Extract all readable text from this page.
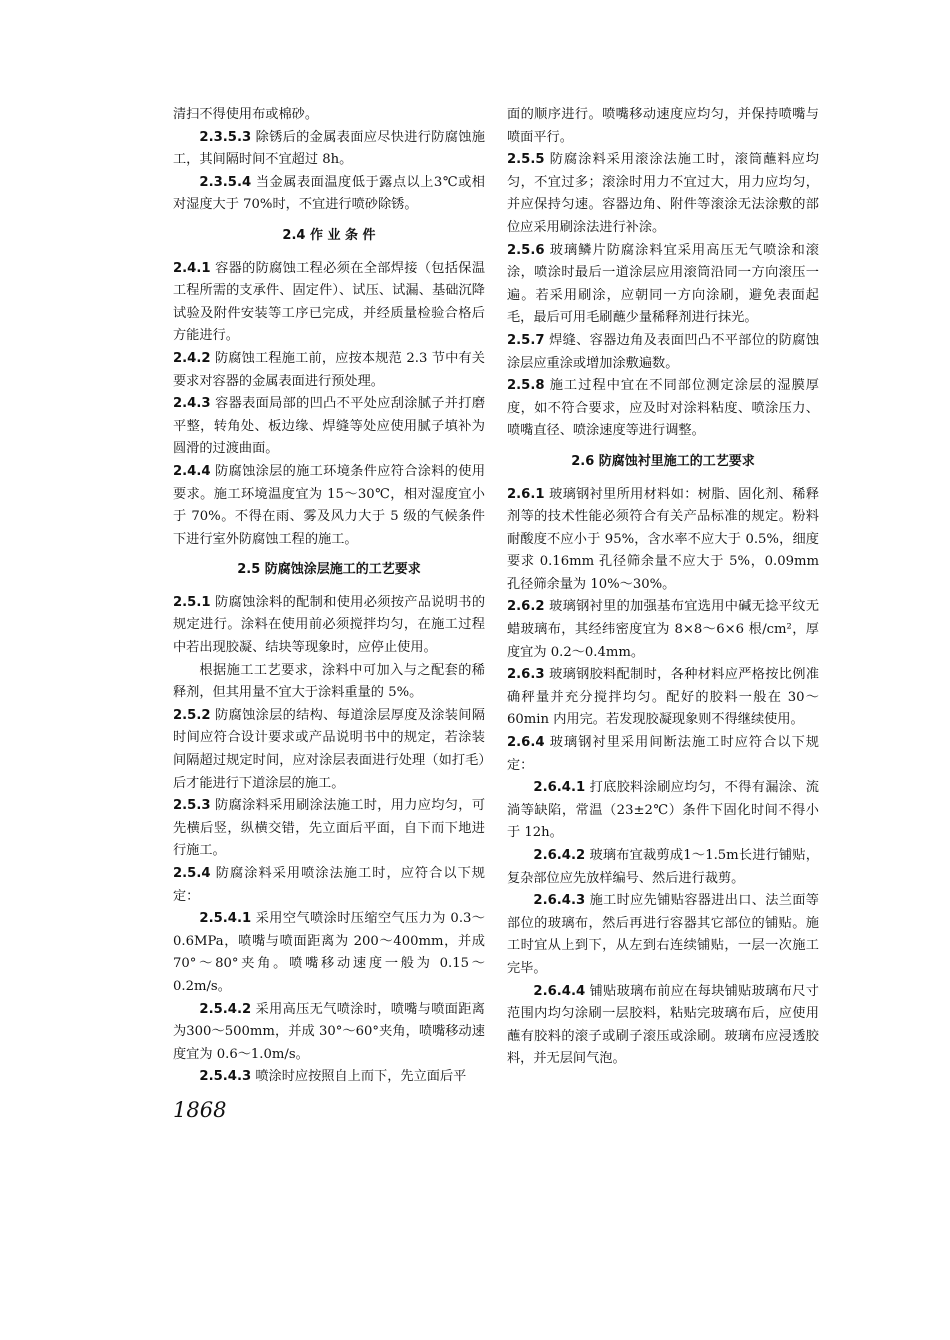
清扫不得使用布或棉砂。

2.3.5.3 除锈后的金属表面应尽快进行防腐蚀施工，其间隔时间不宜超过 8h。

2.3.5.4 当金属表面温度低于露点以上3℃或相对湿度大于 70%时，不宜进行喷砂除锈。

2.4 作 业 条 件

2.4.1 容器的防腐蚀工程必须在全部焊接（包括保温工程所需的支承件、固定件）、试压、试漏、基础沉降试验及附件安装等工序已完成，并经质量检验合格后方能进行。

2.4.2 防腐蚀工程施工前，应按本规范 2.3 节中有关要求对容器的金属表面进行预处理。

2.4.3 容器表面局部的凹凸不平处应刮涂腻子并打磨平整，转角处、板边缘、焊缝等处应使用腻子填补为圆滑的过渡曲面。

2.4.4 防腐蚀涂层的施工环境条件应符合涂料的使用要求。施工环境温度宜为 15～30℃，相对湿度宜小于 70%。不得在雨、雾及风力大于 5 级的气候条件下进行室外防腐蚀工程的施工。

2.5 防腐蚀涂层施工的工艺要求

2.5.1 防腐蚀涂料的配制和使用必须按产品说明书的规定进行。涂料在使用前必须搅拌均匀，在施工过程中若出现胶凝、结块等现象时，应停止使用。

根据施工工艺要求，涂料中可加入与之配套的稀释剂，但其用量不宜大于涂料重量的 5%。

2.5.2 防腐蚀涂层的结构、每道涂层厚度及涂装间隔时间应符合设计要求或产品说明书中的规定，若涂装间隔超过规定时间，应对涂层表面进行处理（如打毛）后才能进行下道涂层的施工。

2.5.3 防腐涂料采用刷涂法施工时，用力应均匀，可先横后竖，纵横交错，先立面后平面，自下而下地进行施工。

2.5.4 防腐涂料采用喷涂法施工时，应符合以下规定：

2.5.4.1 采用空气喷涂时压缩空气压力为 0.3～0.6MPa，喷嘴与喷面距离为 200～400mm，并成 70°～80°夹角。喷嘴移动速度一般为 0.15～0.2m/s。

2.5.4.2 采用高压无气喷涂时，喷嘴与喷面距离为300～500mm，并成 30°～60°夹角，喷嘴移动速度宜为 0.6～1.0m/s。

2.5.4.3 喷涂时应按照自上而下，先立面后平

面的顺序进行。喷嘴移动速度应均匀，并保持喷嘴与喷面平行。

2.5.5 防腐涂料采用滚涂法施工时，滚筒蘸料应均匀，不宜过多；滚涂时用力不宜过大，用力应均匀，并应保持匀速。容器边角、附件等滚涂无法涂敷的部位应采用刷涂法进行补涂。

2.5.6 玻璃鳞片防腐涂料宜采用高压无气喷涂和滚涂，喷涂时最后一道涂层应用滚筒沿同一方向滚压一遍。若采用刷涂，应朝同一方向涂刷，避免表面起毛，最后可用毛刷蘸少量稀释剂进行抹光。

2.5.7 焊缝、容器边角及表面凹凸不平部位的防腐蚀涂层应重涂或增加涂敷遍数。

2.5.8 施工过程中宜在不同部位测定涂层的湿膜厚度，如不符合要求，应及时对涂料粘度、喷涂压力、喷嘴直径、喷涂速度等进行调整。

2.6 防腐蚀衬里施工的工艺要求

2.6.1 玻璃钢衬里所用材料如：树脂、固化剂、稀释剂等的技术性能必须符合有关产品标准的规定。粉料耐酸度不应小于 95%，含水率不应大于 0.5%，细度要求 0.16mm 孔径筛余量不应大于 5%，0.09mm 孔径筛余量为 10%～30%。

2.6.2 玻璃钢衬里的加强基布宜选用中碱无捻平纹无蜡玻璃布，其经纬密度宜为 8×8～6×6 根/cm²，厚度宜为 0.2～0.4mm。

2.6.3 玻璃钢胶料配制时，各种材料应严格按比例准确秤量并充分搅拌均匀。配好的胶料一般在 30～60min 内用完。若发现胶凝现象则不得继续使用。

2.6.4 玻璃钢衬里采用间断法施工时应符合以下规定：

2.6.4.1 打底胶料涂刷应均匀，不得有漏涂、流淌等缺陷，常温（23±2℃）条件下固化时间不得小于 12h。

2.6.4.2 玻璃布宜裁剪成1～1.5m长进行铺贴，复杂部位应先放样编号、然后进行裁剪。

2.6.4.3 施工时应先铺贴容器进出口、法兰面等部位的玻璃布，然后再进行容器其它部位的铺贴。施工时宜从上到下，从左到右连续铺贴，一层一次施工完毕。

2.6.4.4 铺贴玻璃布前应在每块铺贴玻璃布尺寸范围内均匀涂刷一层胶料，粘贴完玻璃布后，应使用蘸有胶料的滚子或刷子滚压或涂刷。玻璃布应浸透胶料，并无层间气泡。

1868
